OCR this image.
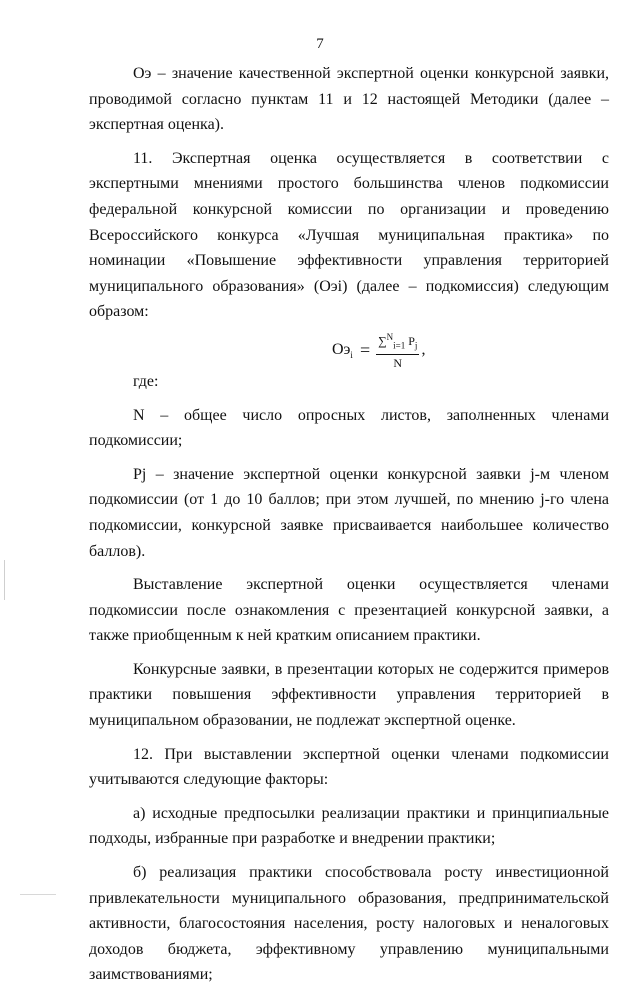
7

Оэ – значение качественной экспертной оценки конкурсной заявки, проводимой согласно пунктам 11 и 12 настоящей Методики (далее – экспертная оценка).

11. Экспертная оценка осуществляется в соответствии с экспертными мнениями простого большинства членов подкомиссии федеральной конкурсной комиссии по организации и проведению Всероссийского конкурса «Лучшая муниципальная практика» по номинации «Повышение эффективности управления территорией муниципального образования» (Оэi) (далее – подкомиссия) следующим образом:

$Оэ_i = \frac{\sum^N_{i=1} P_j}{N}$ ,

где:

N – общее число опросных листов, заполненных членами подкомиссии;

Pj – значение экспертной оценки конкурсной заявки j-м членом подкомиссии (от 1 до 10 баллов; при этом лучшей, по мнению j-го члена подкомиссии, конкурсной заявке присваивается наибольшее количество баллов).

Выставление экспертной оценки осуществляется членами подкомиссии после ознакомления с презентацией конкурсной заявки, а также приобщенным к ней кратким описанием практики.

Конкурсные заявки, в презентации которых не содержится примеров практики повышения эффективности управления территорией в муниципальном образовании, не подлежат экспертной оценке.

12. При выставлении экспертной оценки членами подкомиссии учитываются следующие факторы:

а) исходные предпосылки реализации практики и принципиальные подходы, избранные при разработке и внедрении практики;

б) реализация практики способствовала росту инвестиционной привлекательности муниципального образования, предпринимательской активности, благосостояния населения, росту налоговых и неналоговых доходов бюджета, эффективному управлению муниципальными заимствованиями;
